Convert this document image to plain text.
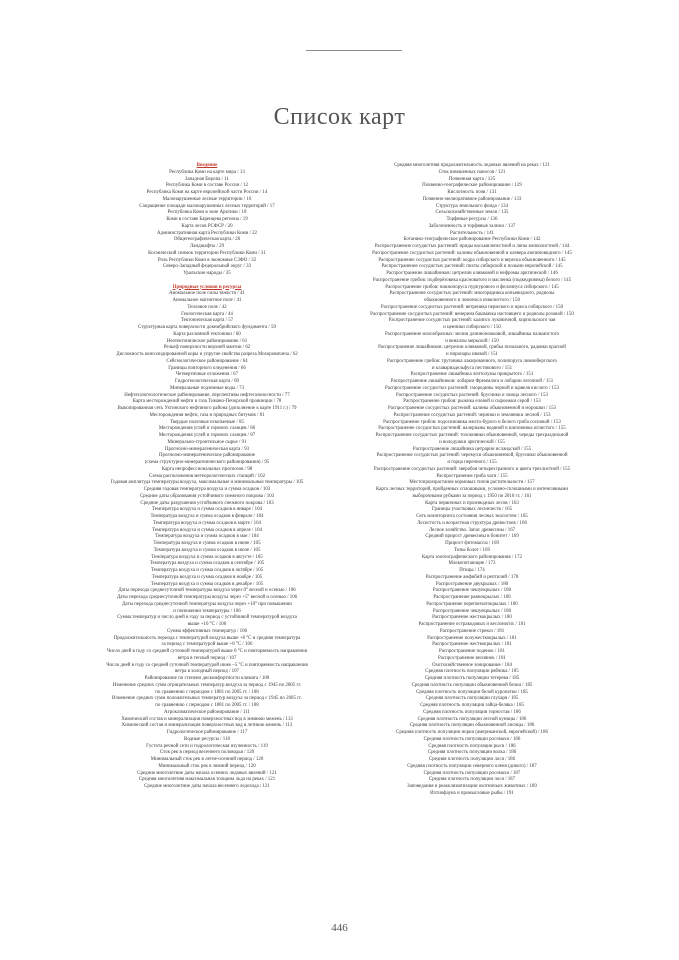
Список карт
Введение
Республика Коми на карте мира / 13
Западная Европа / 11
Республика Коми в составе России / 12
Республика Коми на карте европейской части России / 14
Малонарушенные лесные территории / 16
Сокращение площади малонарушенных лесных территорий / 17
Республика Коми в зоне Арктики / 18
Коми в составе Баренцева региона / 19
Карта лесов РСФСР / 20
Административная карта Республики Коми / 22
Общегеографическая карта / 26
Ландшафты / 29
Космический снимок территории Республики Коми / 31
Роль Республики Коми в экономике СЗФО / 32
Северо-Западный федеральный округ / 33
Уральские народы / 35
Природные условия и ресурсы
Аномальное поле силы тяжести / 41
Аномальное магнитное поле / 41
Тепловое поле / 42
Геологическая карта / 44
Тектоническая карта / 57
Структурная карта поверхности докембрийского фундамента / 59
Карта разломной тектоники / 60
Неотектоническое районирование / 61
Рельеф поверхности верхней мантии / 62
Дислокность консолидированной коры и упругие свойства разреза Мохоровичича / 62
Сейсмологическое районирование / 64
Границы повторного оледенения / 66
Четвертичные отложения / 67
Гидрогеологическая карта / 69
Минеральные подземные воды / 73
Нефтегазогеологическое районирование, перспективы нефтегазоносности / 77
Карта месторождений нефти и газа Тимано-Печорской провинции / 78
Выкопированная сеть Ухтинского нефтяного района (дополнение к карте 1911 г.) / 79
Месторождения нефти, газа и природных битумов / 81
Твердые полезные ископаемые / 85
Месторождения углей и горючих сланцев / 86
Месторождения углей и горючих сланцев / 87
Минерально-строительное сырье / 91
Прогнозно-минерагеническая карта / 93
Прогнозно-минерагеническое районирование
(схема структурно-минерагенического районирования) / 95
Карта непрофессиональных прогнозов / 98
Схема расположения метеорологических станций / 102
Годовая амплитуда температуры воздуха, максимальные и минимальные температуры / 105
Средняя годовая температура воздуха и сумма осадков / 103
Средние даты образования устойчивого снежного покрова / 103
Средние даты разрушения устойчивого снежного покрова / 103
Температура воздуха и сумма осадков в январе / 104
Температура воздуха и сумма осадков в феврале / 104
Температура воздуха и сумма осадков в марте / 104
Температура воздуха и сумма осадков в апреле / 104
Температура воздуха и сумма осадков в мае / 104
Температура воздуха и сумма осадков в июне / 105
Температура воздуха и сумма осадков в июле / 105
Температура воздуха и сумма осадков в августе / 105
Температура воздуха и сумма осадков в сентябре / 105
Температура воздуха и сумма осадков в октябре / 105
Температура воздуха и сумма осадков в ноябре / 105
Температура воздуха и сумма осадков в декабре / 105
Даты перехода среднесуточной температуры воздуха через 0° весной и осенью / 106
Даты перехода среднесуточной температуры воздуха через +5° весной и осенью / 106
Даты перехода среднесуточной температуры воздуха через +10° при повышении
и понижении температуры / 106
Сумма температур и число дней в году за период с устойчивой температурой воздуха
выше +10 °С / 106
Сумма эффективных температур / 106
Продолжительность периода с температурой воздуха выше +8 °С и средняя температура
за период с температурой выше +8 °С / 106
Число дней в году со средней суточной температурой выше 0 °С и повторяемость направления
ветра в теплый период / 107
Число дней в году со средней суточной температурой ниже –5 °С и повторяемость направления
ветра в холодный период / 107
Районирование по степени дискомфортности климата / 108
Изменение средних сумм отрицательных температур воздуха за период с 1945 по 2005 гг.
по сравнению с периодом с 1881 по 2005 гг. / 108
Изменение средних сумм положительных температур воздуха за период с 1945 по 2005 гг.
по сравнению с периодом с 1881 по 2005 гг. / 108
Агроклиматическое районирование / 111
Химический состав и минерализация поверхностных вод в зимнюю межень / 113
Химический состав и минерализация поверхностных вод в летнюю межень / 113
Гидрологическое районирование / 117
Водные ресурсы / 118
Густота речной сети и гидрологическая изученность / 119
Сток рек в период весеннего половодья / 120
Минимальный сток рек в летне-осенний период / 120
Минимальный сток рек в зимний период / 120
Средние многолетние даты начала осенних ледовых явлений / 121
Средняя многолетняя максимальная толщина льда на реках / 121
Средние многолетние даты начала весеннего ледохода / 121
Средняя многолетняя продолжительность ледовых явлений на реках / 121
Сток взвешенных наносов / 121
Почвенная карта / 125
Почвенно-географическое районирование / 129
Кислотность почв / 131
Почвенно-мелиоративное районирование / 133
Структура земельного фонда / 134
Сельскохозяйственные земли / 135
Торфяные ресурсы / 136
Заболоченность и торфяные залежи / 137
Растительность / 141
Ботанико-географическое районирование Республики Коми / 142
Распространение сосудистых растений: ириды восьмилепестной и липы мелколистной / 144
Распространение сосудистых растений: калины обыкновенной и клевера люпиновидного / 145
Распространение сосудистых растений: кедра сибирского и вереска обыкновенного / 145
Распространение сосудистых растений: пихты сибирской и полыни европейской / 145
Распространение лишайников: цетрелии оливковой и нефромы арктической / 146
Распространение грибов: подберёзовика красноватого и масленка (подкедровика) белого / 145
Распространение грибов: пикнопоруса пурпурового и феллинуса сибирского / 145
Распространение сосудистых растений: многорядника копьевидного, родиолы
обыкновенного и ломоноса извилистого / 150
Распространение сосудистых растений: ветреника пермского и ириса сибирского / 150
Распространение сосудистых растений: венерина башмачка настоящего и родиолы розовой / 150
Распространение сосудистых растений: калипсо луковичной, кирпольского чая
и ценники сибирского / 150
Распространение мохообразных: мелии длинноножковой, лишайника пальмистого
и веналлы меркской / 150
Распространение лишайников: цетрелии оливковой, грибка пизального, радовки красной
и пиронары ивовой / 151
Распространение грибов: трутовика лакированного, полипоруса лимонбергского
и клавариадельфуса пестикового / 151
Распространение лишайника лептолумы прикрытого / 151
Распространение лишайников: лобарии Фреммлата и лобарии легочной / 151
Распространение сосудистых растений: смородины черной и щавеля кислого / 153
Распространение сосудистых растений: брусники и хвоща лесного / 153
Распространение грибов: рыжика еловой и сыроежки серой / 153
Распространение сосудистых растений: калины обыкновенной и морошки / 153
Распространение сосудистых растений: черники и земляники лесной / 153
Распространение грибов: подосиновика желто-бурого и белого гриба сосновой / 153
Распространение сосудистых растений: валерианы водяной и шиповника иглистого / 155
Распространение сосудистых растений: толокнянки обыкновенной, череды трехраздельной
и володушки арктической / 155
Распространение лишайника цетрарии исландской / 155
Распространение сосудистых растений: черемухи обыкновенной, брусники обыкновенной
и горца перечного / 155
Распространение сосудистых растений: зверобоя четырехгранного и цвета трехлистной / 155
Распространение гриба чаги / 155
Местопроизрастание кормовых типов растительности / 157
Карта лесных территорий, пройденных сплошными, условно-сплошными и интенсивными
выборочными рубками за период с 1950 по 2010 гг. / 161
Карта первичных и производных лесов / 163
Границы участковых лесничеств / 165
Сеть мониторинга состояния лесных экосистем / 165
Лесистость и возрастная структура древостоев / 166
Лесное хозяйство. Запас древесины / 167
Средний прирост древесины в бонитет / 169
Прирост фитомассы / 169
Типы болот / 169
Карта зоогеографического районирования / 172
Млекопитающие / 173
Птицы / 174
Распространение амфибий и рептилий / 178
Распространение двукрылых / 180
Распространение чешуекрылых / 180
Распространение равнокрылых / 180
Распространение перепончатокрылых / 180
Распространение чешуекрылых / 180
Распространение жесткокрылых / 180
Распространение остракодовых и веслоногих / 181
Распространение стрекоз / 181
Распространение полужесткокрылых / 181
Распространение жесткокрылых / 181
Распространение поденок / 181
Распространение веснянок / 181
Охотхозяйственное зонирование / 184
Средняя плотность популяции рябчика / 185
Средняя плотность популяции тетерева / 185
Средняя плотность популяции обыкновенной белки / 185
Средняя плотность популяции белой куропатки / 185
Средняя плотность популяции глухаря / 185
Средняя плотность популяции зайца-беляка / 185
Средняя плотность популяции горностая / 186
Средняя плотность популяции лесной куницы / 186
Средняя плотность популяции обыкновенной лисицы / 186
Средняя плотность популяции норки (американской, европейской) / 186
Средняя плотность популяции росомахи / 186
Средняя плотность популяции рыси / 186
Средняя плотность популяции волка / 186
Средняя плотность популяции лося / 186
Средняя плотность популяции северного оленя (дикого) / 187
Средняя плотность популяции росомахи / 187
Средняя плотность популяции лося / 187
Заповедания и реакклиматизации охотничьих животных / 189
Ихтиофауна и промысловые рыбы / 191
446
